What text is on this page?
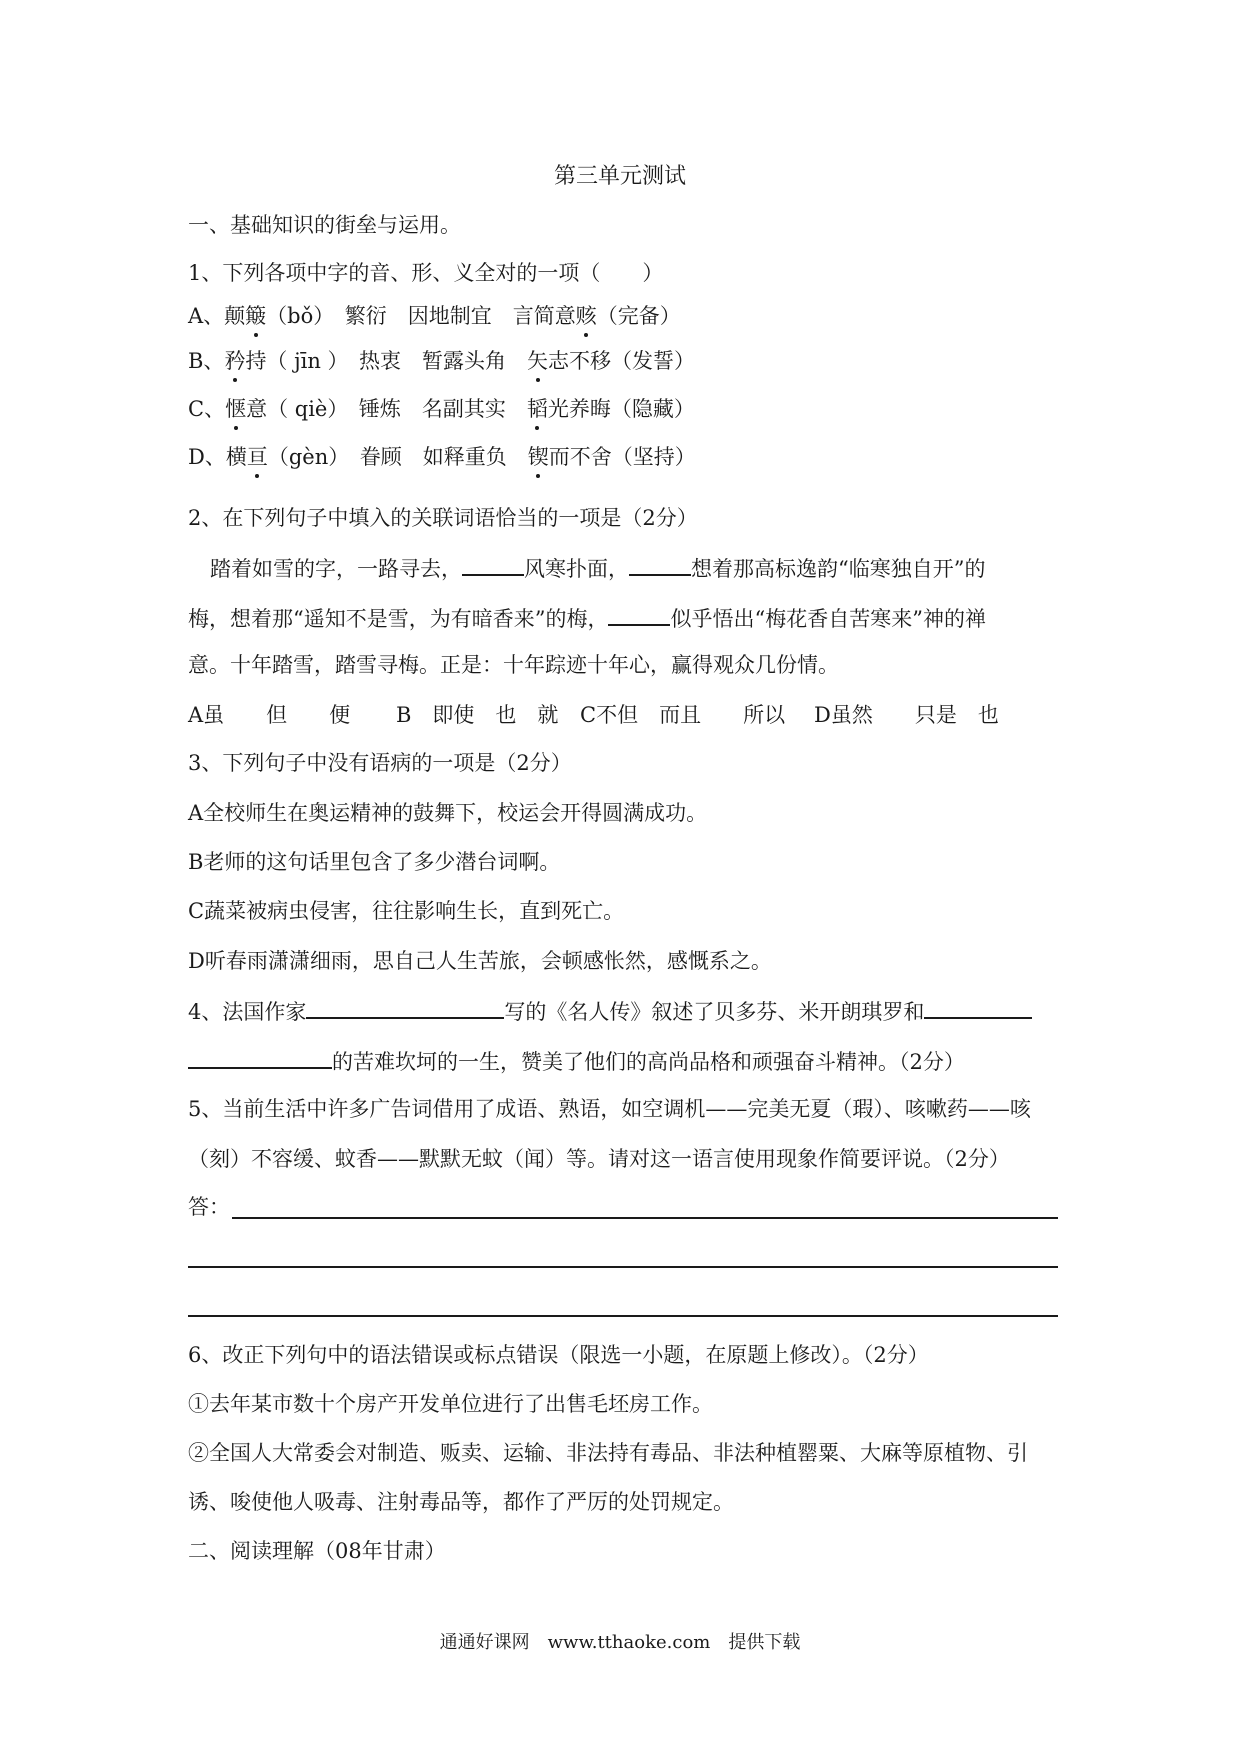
第三单元测试
一、基础知识的街垒与运用。
1、下列各项中字的音、形、义全对的一项（　　）
A、颠簸（bǒ）　繁衍　因地制宜　言简意赅（完备）
B、矜持（ jīn ）　热衷　暂露头角　矢志不移（发誓）
C、惬意（ qiè）　锤炼　名副其实　韬光养晦（隐藏）
D、横亘（gèn）　眷顾　如释重负　锲而不舍（坚持）
2、在下列句子中填入的关联词语恰当的一项是（2分）
踏着如雪的字，一路寻去，	风寒扑面，	想着那高标逸韵“临寒独自开”的
梅，想着那“遥知不是雪，为有暗香来”的梅，	似乎悟出“梅花香自苦寒来”神的禅
意。十年踏雪，踏雪寻梅。正是：十年踪迹十年心，赢得观众几份情。
A虽　　但　　便 B　即使　也　就 C不但　而且　　所以 D虽然　　只是　也
3、下列句子中没有语病的一项是（2分）
A全校师生在奥运精神的鼓舞下，校运会开得圆满成功。
B老师的这句话里包含了多少潜台词啊。
C蔬菜被病虫侵害，往往影响生长，直到死亡。
D听春雨潇潇细雨，思自己人生苦旅，会顿感怅然，感慨系之。
4、法国作家	写的《名人传》叙述了贝多芬、米开朗琪罗和
的苦难坎坷的一生，赞美了他们的高尚品格和顽强奋斗精神。（2分）
5、当前生活中许多广告词借用了成语、熟语，如空调机——完美无夏（瑕）、咳嗽药——咳
（刻）不容缓、蚊香——默默无蚊（闻）等。请对这一语言使用现象作简要评说。（2分）
答：
6、改正下列句中的语法错误或标点错误（限选一小题，在原题上修改）。（2分）
①去年某市数十个房产开发单位进行了出售毛坯房工作。
②全国人大常委会对制造、贩卖、运输、非法持有毒品、非法种植罂粟、大麻等原植物、引
诱、唆使他人吸毒、注射毒品等，都作了严厉的处罚规定。
二、阅读理解（08年甘肃）
通通好课网　www.tthaoke.com　提供下载
